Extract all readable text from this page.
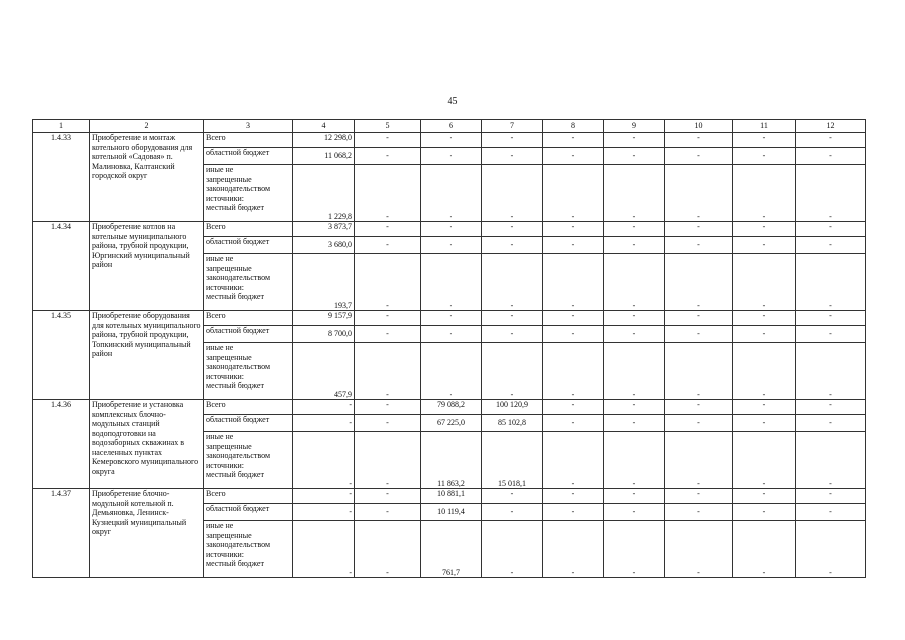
45
1	2	3	4	5	6	7	8	9	10	11	12
1.4.33	Приобретение и монтаж котельного оборудования для котельной «Садовая» п. Малиновка, Калтанский городской округ	Всего	12 298,0	-	-	-	-	-	-	-	-
		областной бюджет	11 068,2	-	-	-	-	-	-	-	-

		иные не
запрещенные
законодательством
источники:
местный бюджет	1 229,8	-	-	-	-	-	-	-	-
1.4.34	Приобретение котлов на котельные муниципального района, трубной продукции, Юргинский муниципальный район	Всего	3 873,7	-	-	-	-	-	-	-	-
		областной бюджет	3 680,0	-	-	-	-	-	-	-	-

		иные не
запрещенные
законодательством
источники:
местный бюджет	193,7	-	-	-	-	-	-	-	-
1.4.35	Приобретение оборудования для котельных муниципального района, трубной продукции, Топкинский муниципальный район	Всего	9 157,9	-	-	-	-	-	-	-	-
		областной бюджет	8 700,0	-	-	-	-	-	-	-	-

		иные не
запрещенные
законодательством
источники:
местный бюджет	457,9	-	-	-	-	-	-	-	-
1.4.36	Приобретение и установка комплексных блочно-модульных станций водоподготовки на водозаборных скважинах в населенных пунктах Кемеровского муниципального округа	Всего	-	-	79 088,2	100 120,9	-	-	-	-	-
		областной бюджет	-	-	67 225,0	85 102,8	-	-	-	-	-

		иные не
запрещенные
законодательством
источники:
местный бюджет	-	-	11 863,2	15 018,1	-	-	-	-	-
1.4.37	Приобретение блочно-модульной котельной п. Демьяновка, Ленинск-Кузнецкий муниципальный округ	Всего	-	-	10 881,1	-	-	-	-	-	-
		областной бюджет	-	-	10 119,4	-	-	-	-	-	-

		иные не
запрещенные
законодательством
источники:
местный бюджет	-	-	761,7	-	-	-	-	-	-
